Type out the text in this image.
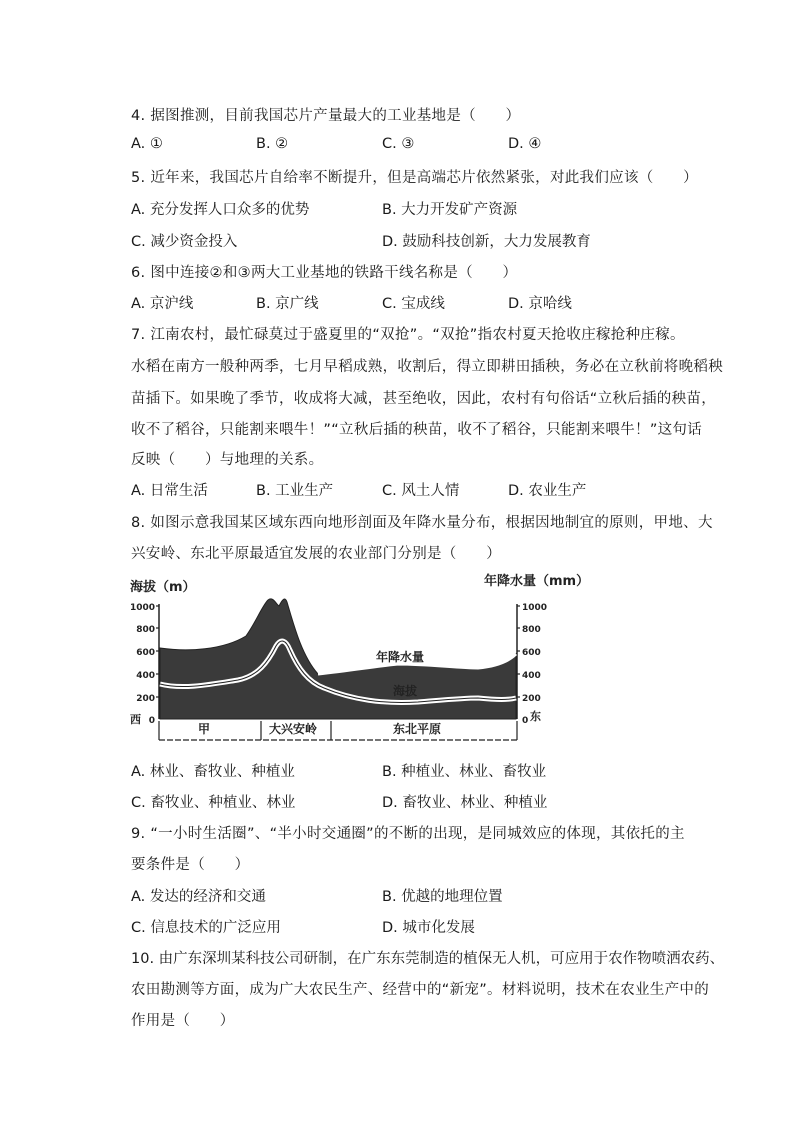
4. 据图推测，目前我国芯片产量最大的工业基地是（　　）
A. ①	B. ②	C. ③	D. ④
5. 近年来，我国芯片自给率不断提升，但是高端芯片依然紧张，对此我们应该（　　）
A. 充分发挥人口众多的优势	B. 大力开发矿产资源
C. 减少资金投入	D. 鼓励科技创新，大力发展教育
6. 图中连接②和③两大工业基地的铁路干线名称是（　　）
A. 京沪线	B. 京广线	C. 宝成线	D. 京哈线
7. 江南农村，最忙碌莫过于盛夏里的“双抢”。“双抢”指农村夏天抢收庄稼抢种庄稼。
水稻在南方一般种两季，七月早稻成熟，收割后，得立即耕田插秧，务必在立秋前将晚稻秧
苗插下。如果晚了季节，收成将大减，甚至绝收，因此，农村有句俗话“立秋后插的秧苗，
收不了稻谷，只能割来喂牛！”“立秋后插的秧苗，收不了稻谷，只能割来喂牛！”这句话
反映（　　）与地理的关系。
A. 日常生活	B. 工业生产	C. 风土人情	D. 农业生产
8. 如图示意我国某区域东西向地形剖面及年降水量分布，根据因地制宜的原则，甲地、大
兴安岭、东北平原最适宜发展的农业部门分别是（　　）
海拔（m）	年降水量（mm）
1000
800
600
400
200
0
1000
800
600
400
200
0
年降水量
海拔
西	东
甲	大兴安岭	东北平原
A. 林业、畜牧业、种植业	B. 种植业、林业、畜牧业
C. 畜牧业、种植业、林业	D. 畜牧业、林业、种植业
9. “一小时生活圈”、“半小时交通圈”的不断的出现，是同城效应的体现，其依托的主
要条件是（　　）
A. 发达的经济和交通	B. 优越的地理位置
C. 信息技术的广泛应用	D. 城市化发展
10. 由广东深圳某科技公司研制，在广东东莞制造的植保无人机，可应用于农作物喷洒农药、
农田勘测等方面，成为广大农民生产、经营中的“新宠”。材料说明，技术在农业生产中的
作用是（　　）
